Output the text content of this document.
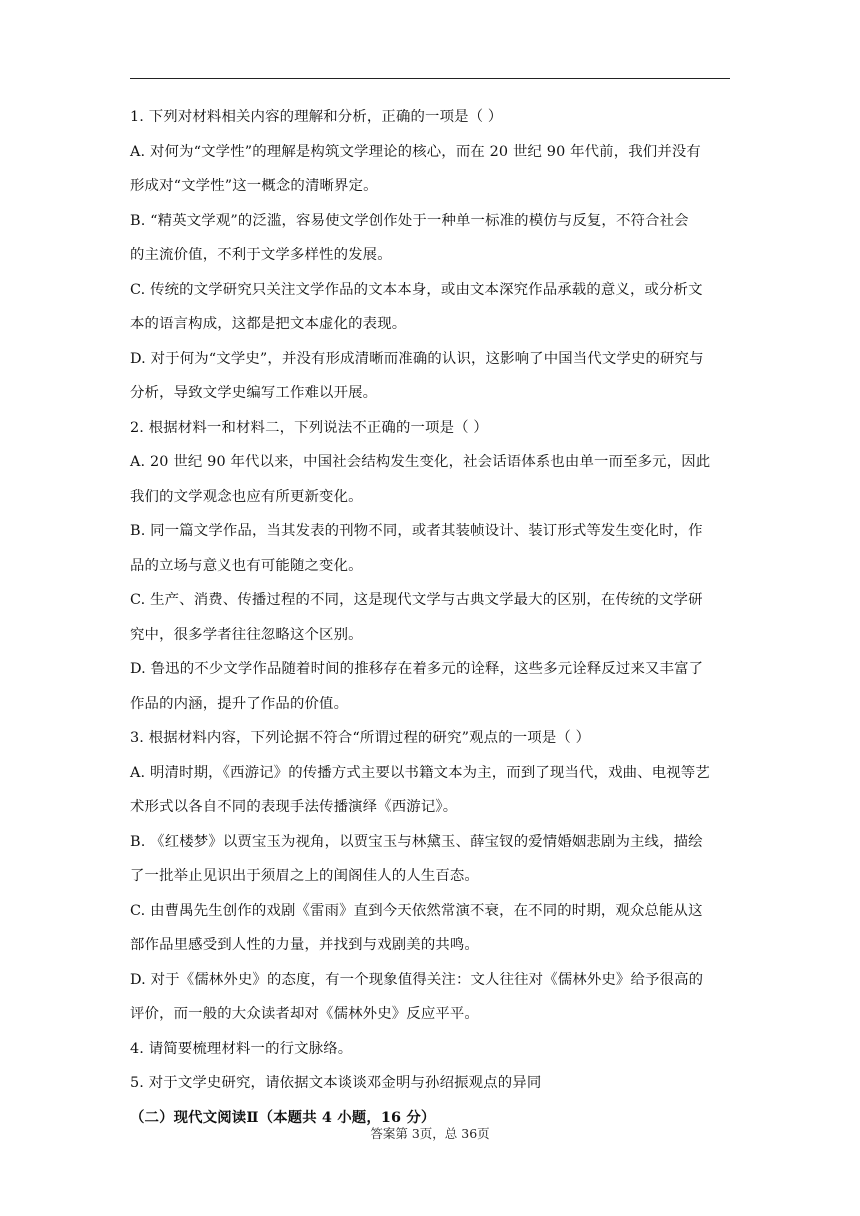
1. 下列对材料相关内容的理解和分析，正确的一项是（ ）
A. 对何为“文学性”的理解是构筑文学理论的核心，而在 20 世纪 90 年代前，我们并没有
形成对“文学性”这一概念的清晰界定。
B. “精英文学观”的泛滥，容易使文学创作处于一种单一标准的模仿与反复，不符合社会
的主流价值，不利于文学多样性的发展。
C. 传统的文学研究只关注文学作品的文本本身，或由文本深究作品承载的意义，或分析文
本的语言构成，这都是把文本虚化的表现。
D. 对于何为“文学史”，并没有形成清晰而准确的认识，这影响了中国当代文学史的研究与
分析，导致文学史编写工作难以开展。
2. 根据材料一和材料二，下列说法不正确的一项是（ ）
A. 20 世纪 90 年代以来，中国社会结构发生变化，社会话语体系也由单一而至多元，因此
我们的文学观念也应有所更新变化。
B. 同一篇文学作品，当其发表的刊物不同，或者其装帧设计、装订形式等发生变化时，作
品的立场与意义也有可能随之变化。
C. 生产、消费、传播过程的不同，这是现代文学与古典文学最大的区别，在传统的文学研
究中，很多学者往往忽略这个区别。
D. 鲁迅的不少文学作品随着时间的推移存在着多元的诠释，这些多元诠释反过来又丰富了
作品的内涵，提升了作品的价值。
3. 根据材料内容，下列论据不符合“所谓过程的研究”观点的一项是（ ）
A. 明清时期，《西游记》的传播方式主要以书籍文本为主，而到了现当代，戏曲、电视等艺
术形式以各自不同的表现手法传播演绎《西游记》。
B. 《红楼梦》以贾宝玉为视角，以贾宝玉与林黛玉、薛宝钗的爱情婚姻悲剧为主线，描绘
了一批举止见识出于须眉之上的闺阁佳人的人生百态。
C. 由曹禺先生创作的戏剧《雷雨》直到今天依然常演不衰，在不同的时期，观众总能从这
部作品里感受到人性的力量，并找到与戏剧美的共鸣。
D. 对于《儒林外史》的态度，有一个现象值得关注：文人往往对《儒林外史》给予很高的
评价，而一般的大众读者却对《儒林外史》反应平平。
4. 请简要梳理材料一的行文脉络。
5. 对于文学史研究，请依据文本谈谈邓金明与孙绍振观点的异同
（二）现代文阅读Ⅱ（本题共 4 小题，16 分）
答案第 3页，总 36页
